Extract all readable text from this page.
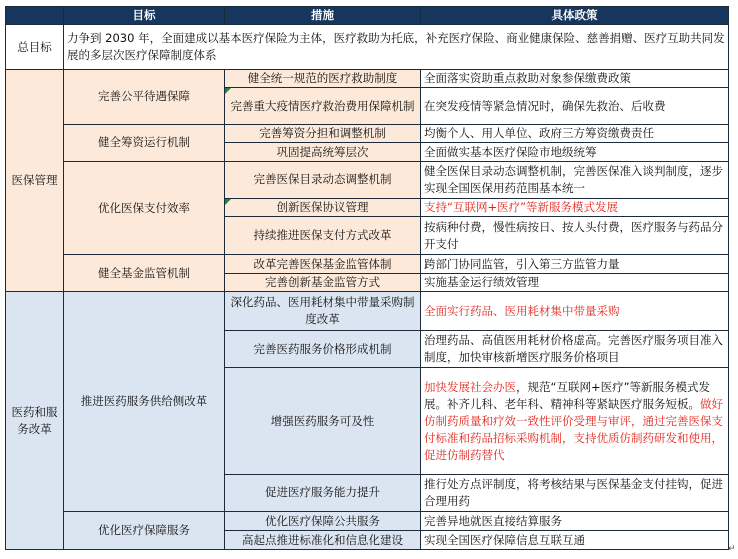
	目标	措施	具体政策
总目标	力争到 2030 年，全面建成以基本医疗保险为主体，医疗救助为托底，补充医疗保险、商业健康保险、慈善捐赠、医疗互助共同发展的多层次医疗保障制度体系		
医保管理	完善公平待遇保障	健全统一规范的医疗救助制度	全面落实资助重点救助对象参保缴费政策
		完善重大疫情医疗救治费用保障机制	在突发疫情等紧急情况时，确保先救治、后收费
	健全筹资运行机制	完善筹资分担和调整机制	均衡个人、用人单位、政府三方筹资缴费责任
		巩固提高统筹层次	全面做实基本医疗保险市地级统筹
	优化医保支付效率	完善医保目录动态调整机制	健全医保目录动态调整机制，完善医保准入谈判制度，逐步实现全国医保用药范围基本统一
		创新医保协议管理	支持“互联网+医疗”等新服务模式发展
		持续推进医保支付方式改革	按病种付费，慢性病按日、按人头付费，医疗服务与药品分开支付
	健全基金监管机制	改革完善医保基金监管体制	跨部门协同监管，引入第三方监管力量
		完善创新基金监管方式	实施基金运行绩效管理
医药和服务改革	推进医药服务供给侧改革	深化药品、医用耗材集中带量采购制度改革	全面实行药品、医用耗材集中带量采购
		完善医药服务价格形成机制	治理药品、高值医用耗材价格虚高。完善医疗服务项目准入制度，加快审核新增医疗服务价格项目
		增强医药服务可及性	加快发展社会办医，规范“互联网+医疗”等新服务模式发展。补齐儿科、老年科、精神科等紧缺医疗服务短板。做好仿制药质量和疗效一致性评价受理与审评，通过完善医保支付标准和药品招标采购机制，支持优质仿制药研发和使用，促进仿制药替代
		促进医疗服务能力提升	推行处方点评制度，将考核结果与医保基金支付挂钩，促进合理用药
	优化医疗保障服务	优化医疗保障公共服务	完善异地就医直接结算服务
		高起点推进标准化和信息化建设	实现全国医疗保障信息互联互通
↵
